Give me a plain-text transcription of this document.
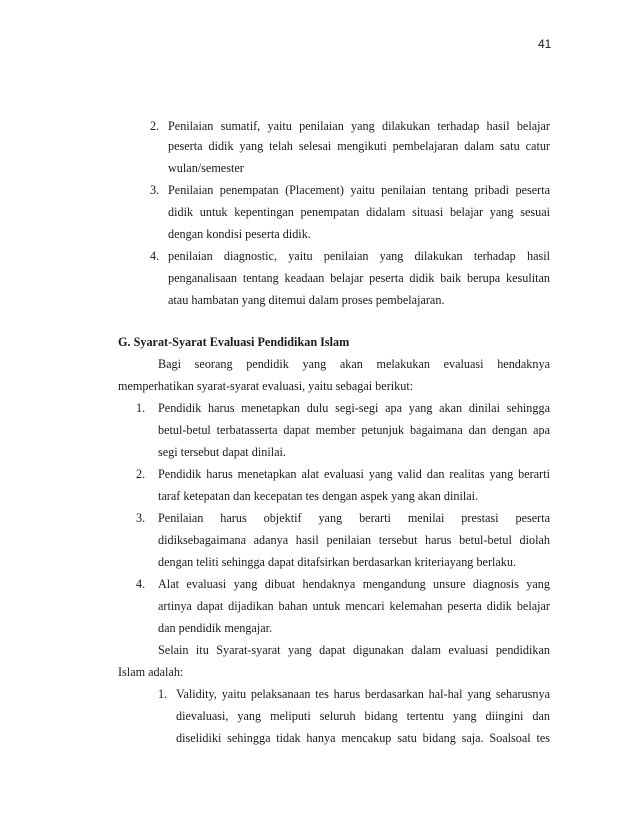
41
2. Penilaian sumatif, yaitu penilaian yang dilakukan terhadap hasil belajar
peserta didik yang telah selesai mengikuti pembelajaran dalam satu catur
wulan/semester
3. Penilaian penempatan (Placement) yaitu penilaian tentang pribadi peserta
didik untuk kepentingan penempatan didalam situasi belajar yang sesuai
dengan kondisi peserta didik.
4. penilaian diagnostic, yaitu penilaian yang dilakukan terhadap hasil
penganalisaan tentang keadaan belajar peserta didik baik berupa kesulitan
atau hambatan yang ditemui dalam proses pembelajaran.
G. Syarat-Syarat Evaluasi Pendidikan Islam
Bagi seorang pendidik yang akan melakukan evaluasi hendaknya
memperhatikan syarat-syarat evaluasi, yaitu sebagai berikut:
1. Pendidik harus menetapkan dulu segi-segi apa yang akan dinilai sehingga
betul-betul terbatasserta dapat member petunjuk bagaimana dan dengan apa
segi tersebut dapat dinilai.
2. Pendidik harus menetapkan alat evaluasi yang valid dan realitas yang berarti
taraf ketepatan dan kecepatan tes dengan aspek yang akan dinilai.
3. Penilaian harus objektif yang berarti menilai prestasi peserta
didiksebagaimana adanya hasil penilaian tersebut harus betul-betul diolah
dengan teliti sehingga dapat ditafsirkan berdasarkan kriteriayang berlaku.
4. Alat evaluasi yang dibuat hendaknya mengandung unsure diagnosis yang
artinya dapat dijadikan bahan untuk mencari kelemahan peserta didik belajar
dan pendidik mengajar.
Selain itu Syarat-syarat yang dapat digunakan dalam evaluasi pendidikan
Islam adalah:
1. Validity, yaitu pelaksanaan tes harus berdasarkan hal-hal yang seharusnya
dievaluasi, yang meliputi seluruh bidang tertentu yang diingini dan
diselidiki sehingga tidak hanya mencakup satu bidang saja. Soalsoal tes
